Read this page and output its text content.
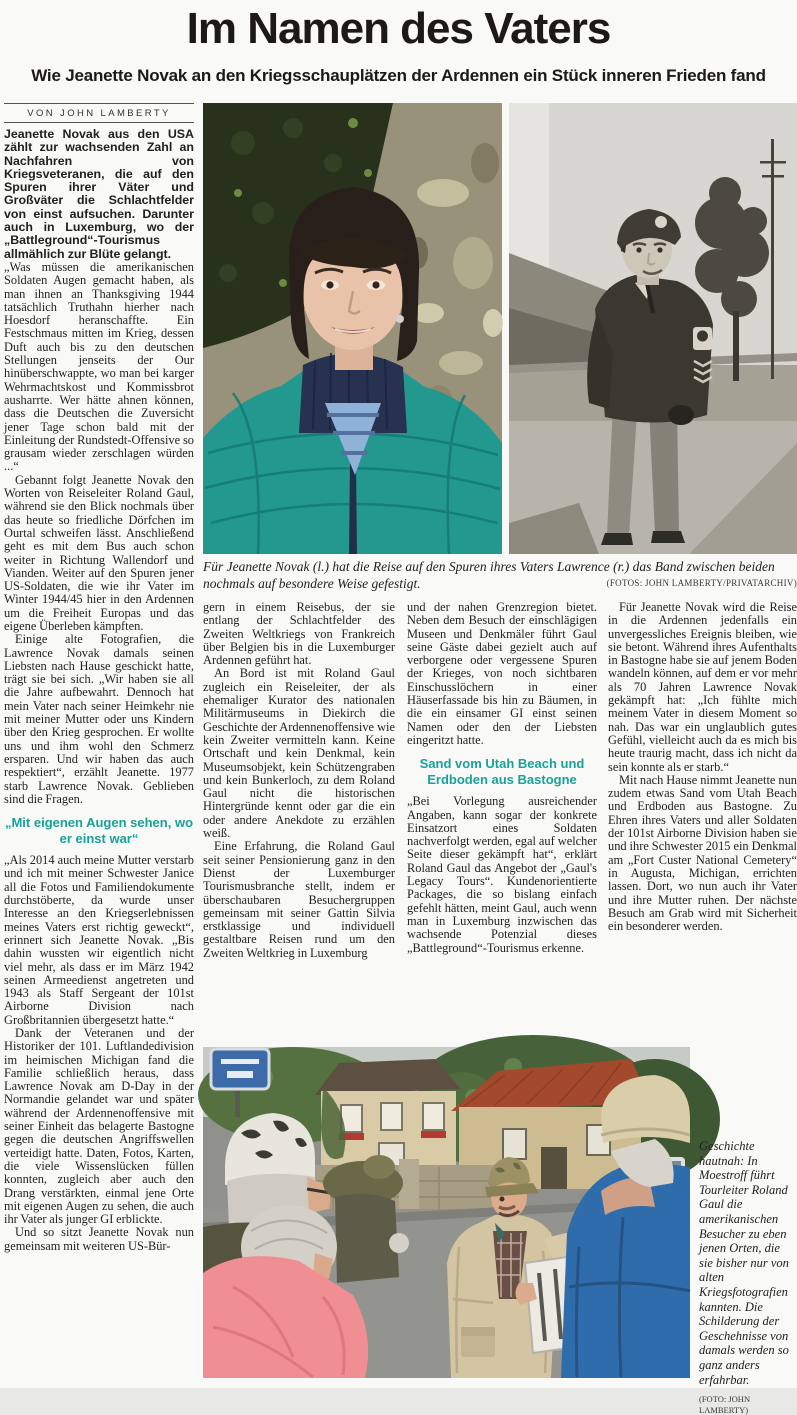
Im Namen des Vaters
Wie Jeanette Novak an den Kriegsschauplätzen der Ardennen ein Stück inneren Frieden fand
VON JOHN LAMBERTY

Jeanette Novak aus den USA zählt zur wachsenden Zahl an Nachfahren von Kriegsveteranen, die auf den Spuren ihrer Väter und Großväter die Schlachtfelder von einst aufsuchen. Darunter auch in Luxemburg, wo der „Battleground“-Tourismus allmählich zur Blüte gelangt.

„Was müssen die amerikanischen Soldaten Augen gemacht haben, als man ihnen an Thanksgiving 1944 tatsächlich Truthahn hierher nach Hoesdorf heranschaffte. Ein Festschmaus mitten im Krieg, dessen Duft auch bis zu den deutschen Stellungen jenseits der Our hinüberschwappte, wo man bei karger Wehrmachtskost und Kommissbrot ausharrte. Wer hätte ahnen können, dass die Deutschen die Zuversicht jener Tage schon bald mit der Einleitung der Rundstedt-Offensive so grausam wieder zerschlagen würden ...“

Gebannt folgt Jeanette Novak den Worten von Reiseleiter Roland Gaul, während sie den Blick nochmals über das heute so friedliche Dörfchen im Ourtal schweifen lässt. Anschließend geht es mit dem Bus auch schon weiter in Richtung Wallendorf und Vianden. Weiter auf den Spuren jener US-Soldaten, die wie ihr Vater im Winter 1944/45 hier in den Ardennen um die Freiheit Europas und das eigene Überleben kämpften.

Einige alte Fotografien, die Lawrence Novak damals seinen Liebsten nach Hause geschickt hatte, trägt sie bei sich. „Wir haben sie all die Jahre aufbewahrt. Dennoch hat mein Vater nach seiner Heimkehr nie mit meiner Mutter oder uns Kindern über den Krieg gesprochen. Er wollte uns und ihm wohl den Schmerz ersparen. Und wir haben das auch respektiert“, erzählt Jeanette. 1977 starb Lawrence Novak. Geblieben sind die Fragen.

„Mit eigenen Augen sehen, wo er einst war“

„Als 2014 auch meine Mutter verstarb und ich mit meiner Schwester Janice all die Fotos und Familiendokumente durchstöberte, da wurde unser Interesse an den Kriegserlebnissen meines Vaters erst richtig geweckt“, erinnert sich Jeanette Novak. „Bis dahin wussten wir eigentlich nicht viel mehr, als dass er im März 1942 seinen Armeedienst angetreten und 1943 als Staff Sergeant der 101st Airborne Division nach Großbritannien übergesetzt hatte.“

Dank der Veteranen und der Historiker der 101. Luftlandedivision im heimischen Michigan fand die Familie schließlich heraus, dass Lawrence Novak am D-Day in der Normandie gelandet war und später während der Ardennenoffensive mit seiner Einheit das belagerte Bastogne gegen die deutschen Angriffswellen verteidigt hatte. Daten, Fotos, Karten, die viele Wissenslücken füllen konnten, zugleich aber auch den Drang verstärkten, einmal jene Orte mit eigenen Augen zu sehen, die auch ihr Vater als junger GI erblickte.

Und so sitzt Jeanette Novak nun gemeinsam mit weiteren US-Bür-

Für Jeanette Novak (l.) hat die Reise auf den Spuren ihres Vaters Lawrence (r.) das Band zwischen beiden nochmals auf besondere Weise gefestigt.	(FOTOS: JOHN LAMBERTY/PRIVATARCHIV)

gern in einem Reisebus, der sie entlang der Schlachtfelder des Zweiten Weltkriegs von Frankreich über Belgien bis in die Luxemburger Ardennen geführt hat.

An Bord ist mit Roland Gaul zugleich ein Reiseleiter, der als ehemaliger Kurator des nationalen Militärmuseums in Diekirch die Geschichte der Ardennenoffensive wie kein Zweiter vermitteln kann. Keine Ortschaft und kein Denkmal, kein Museumsobjekt, kein Schützengraben und kein Bunkerloch, zu dem Roland Gaul nicht die historischen Hintergründe kennt oder gar die ein oder andere Anekdote zu erzählen weiß.

Eine Erfahrung, die Roland Gaul seit seiner Pensionierung ganz in den Dienst der Luxemburger Tourismusbranche stellt, indem er überschaubaren Besuchergruppen gemeinsam mit seiner Gattin Silvia erstklassige und individuell gestaltbare Reisen rund um den Zweiten Weltkrieg in Luxemburg

und der nahen Grenzregion bietet. Neben dem Besuch der einschlägigen Museen und Denkmäler führt Gaul seine Gäste dabei gezielt auch auf verborgene oder vergessene Spuren der Krieges, von noch sichtbaren Einschusslöchern in einer Häuserfassade bis hin zu Bäumen, in die ein einsamer GI einst seinen Namen oder den der Liebsten eingeritzt hatte.

Sand vom Utah Beach und Erdboden aus Bastogne

„Bei Vorlegung ausreichender Angaben, kann sogar der konkrete Einsatzort eines Soldaten nachverfolgt werden, egal auf welcher Seite dieser gekämpft hat“, erklärt Roland Gaul das Angebot der „Gaul's Legacy Tours“. Kundenorientierte Packages, die so bislang einfach gefehlt hätten, meint Gaul, auch wenn man in Luxemburg inzwischen das wachsende Potenzial dieses „Battleground“-Tourismus erkenne.

Für Jeanette Novak wird die Reise in die Ardennen jedenfalls ein unvergessliches Ereignis bleiben, wie sie betont. Während ihres Aufenthalts in Bastogne habe sie auf jenem Boden wandeln können, auf dem er vor mehr als 70 Jahren Lawrence Novak gekämpft hat: „Ich fühlte mich meinem Vater in diesem Moment so nah. Das war ein unglaublich gutes Gefühl, vielleicht auch da es mich bis heute traurig macht, dass ich nicht da sein konnte als er starb.“

Mit nach Hause nimmt Jeanette nun zudem etwas Sand vom Utah Beach und Erdboden aus Bastogne. Zu Ehren ihres Vaters und aller Soldaten der 101st Airborne Division haben sie und ihre Schwester 2015 ein Denkmal am „Fort Custer National Cemetery“ in Augusta, Michigan, errichten lassen. Dort, wo nun auch ihr Vater und ihre Mutter ruhen. Der nächste Besuch am Grab wird mit Sicherheit ein besonderer werden.

Geschichte hautnah: In Moestroff führt Tourleiter Roland Gaul die amerikanischen Besucher zu eben jenen Orten, die sie bisher nur von alten Kriegsfotografien kannten. Die Schilderung der Geschehnisse von damals werden so ganz anders erfahrbar.
(FOTO: JOHN LAMBERTY)
